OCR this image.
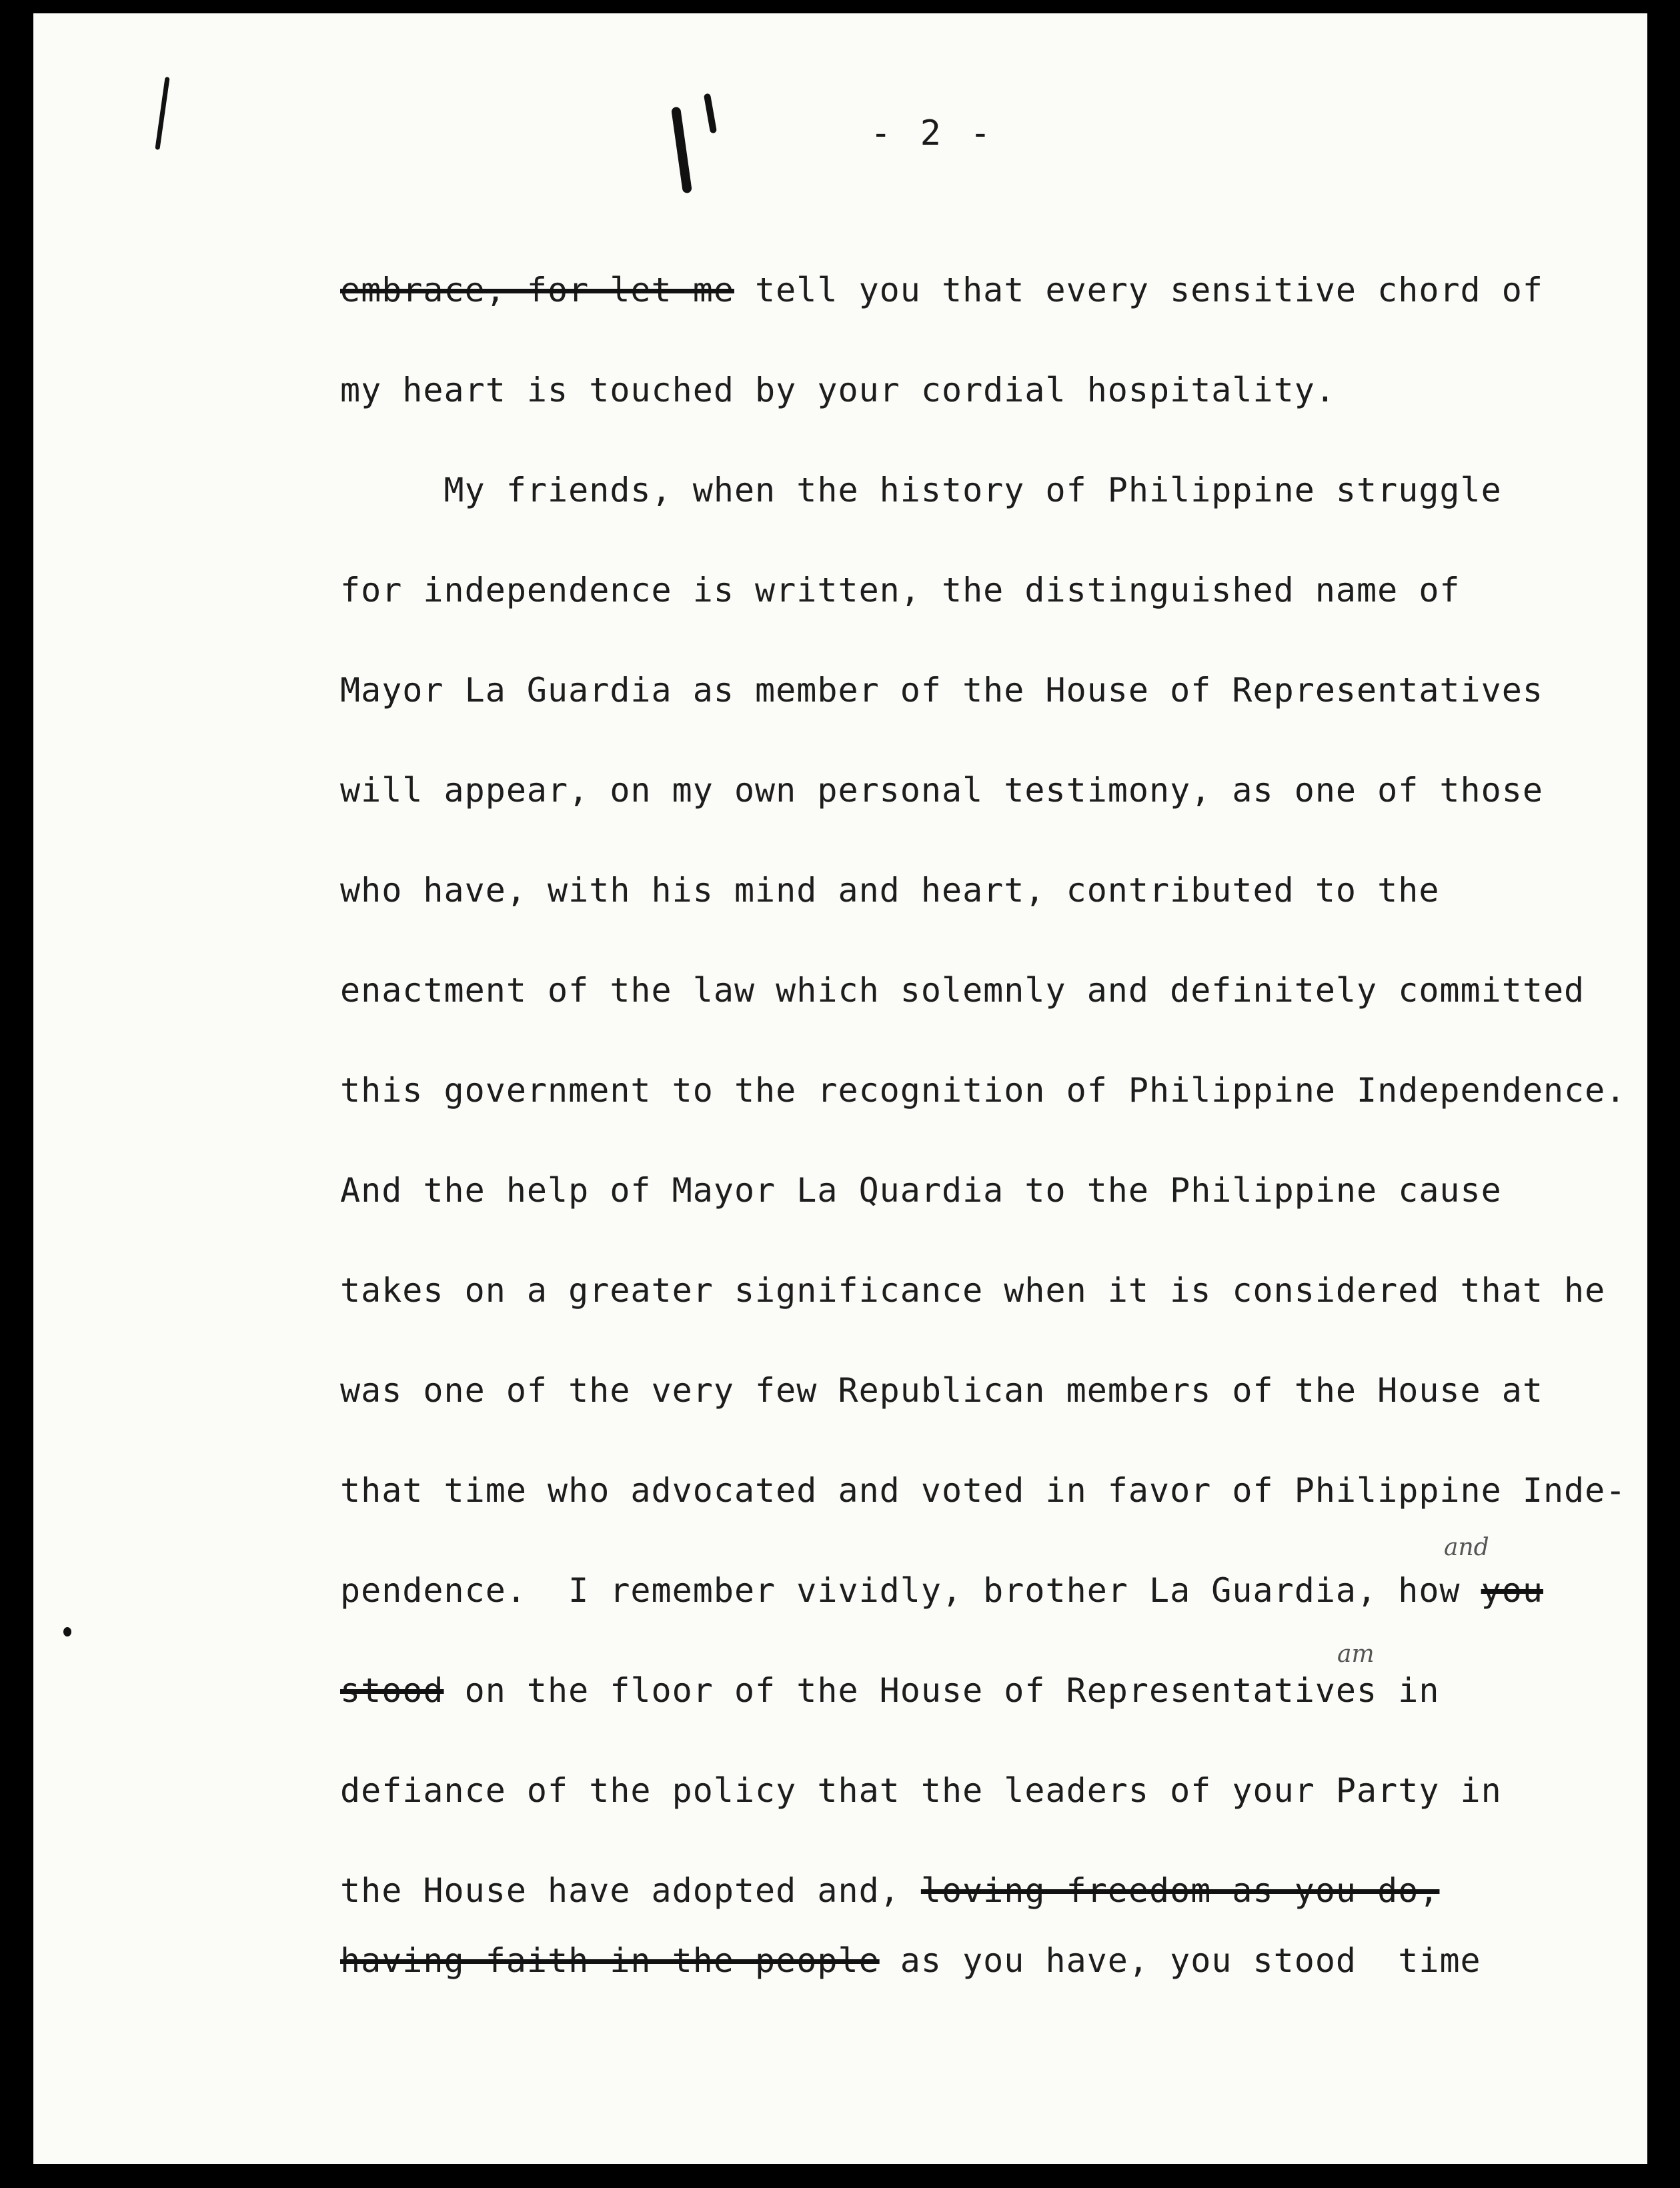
- 2 -
and
am
embrace, for let me tell you that every sensitive chord of
my heart is touched by your cordial hospitality.
My friends, when the history of Philippine struggle
for independence is written, the distinguished name of
Mayor La Guardia as member of the House of Representatives
will appear, on my own personal testimony, as one of those
who have, with his mind and heart, contributed to the
enactment of the law which solemnly and definitely committed
this government to the recognition of Philippine Independence.
And the help of Mayor La Quardia to the Philippine cause
takes on a greater significance when it is considered that he
was one of the very few Republican members of the House at
that time who advocated and voted in favor of Philippine Inde-
pendence.  I remember vividly, brother La Guardia, how you
stood on the floor of the House of Representatives in
defiance of the policy that the leaders of your Party in
the House have adopted and, loving freedom as you do,
having faith in the people as you have, you stood  time
